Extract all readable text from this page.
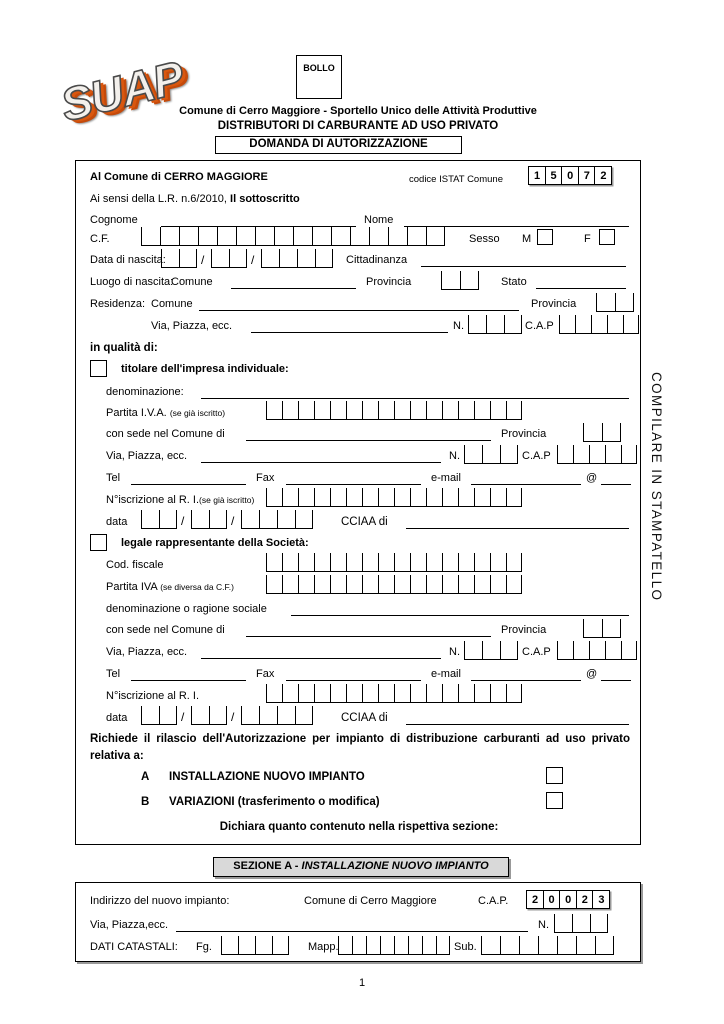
SUAP	BOLLO
Comune di Cerro Maggiore - Sportello Unico delle Attività Produttive
DISTRIBUTORI DI CARBURANTE AD USO PRIVATO
DOMANDA DI AUTORIZZAZIONE
COMPILARE IN STAMPATELLO
Al Comune di CERRO MAGGIORE	codice ISTAT Comune	1 5 0 7 2
Ai sensi della L.R. n.6/2010, Il sottoscritto
Cognome	Nome
C.F.	Sesso M	F
Data di nascita:	/	/	Cittadinanza
Luogo di nascita:
Comune	Provincia	Stato
Residenza: Comune	Provincia
Via, Piazza, ecc.	N.	C.A.P
in qualità di:
titolare dell'impresa individuale:
denominazione:
Partita I.V.A. (se già iscritto)
con sede nel Comune di	Provincia
Via, Piazza, ecc.	N.	C.A.P
Tel	Fax	e-mail	@
N°iscrizione al R. I.(se già iscritto)
data	/	/	CCIAA di
legale rappresentante della Società:
Cod. fiscale
Partita IVA (se diversa da C.F.)
denominazione o ragione sociale
con sede nel Comune di	Provincia
Via, Piazza, ecc.	N.	C.A.P
Tel	Fax	e-mail	@
N°iscrizione al R. I.
data	/	/	CCIAA di
Richiede il rilascio dell'Autorizzazione per impianto di distribuzione carburanti ad uso privato relativa a:
A INSTALLAZIONE NUOVO IMPIANTO
B VARIAZIONI (trasferimento o modifica)
Dichiara quanto contenuto nella rispettiva sezione:
SEZIONE A - INSTALLAZIONE NUOVO IMPIANTO
Indirizzo del nuovo impianto:	Comune di Cerro Maggiore	C.A.P.	2 0 0 2 3
Via, Piazza,ecc.	N.
DATI CATASTALI: Fg.	Mapp.	Sub.
1
